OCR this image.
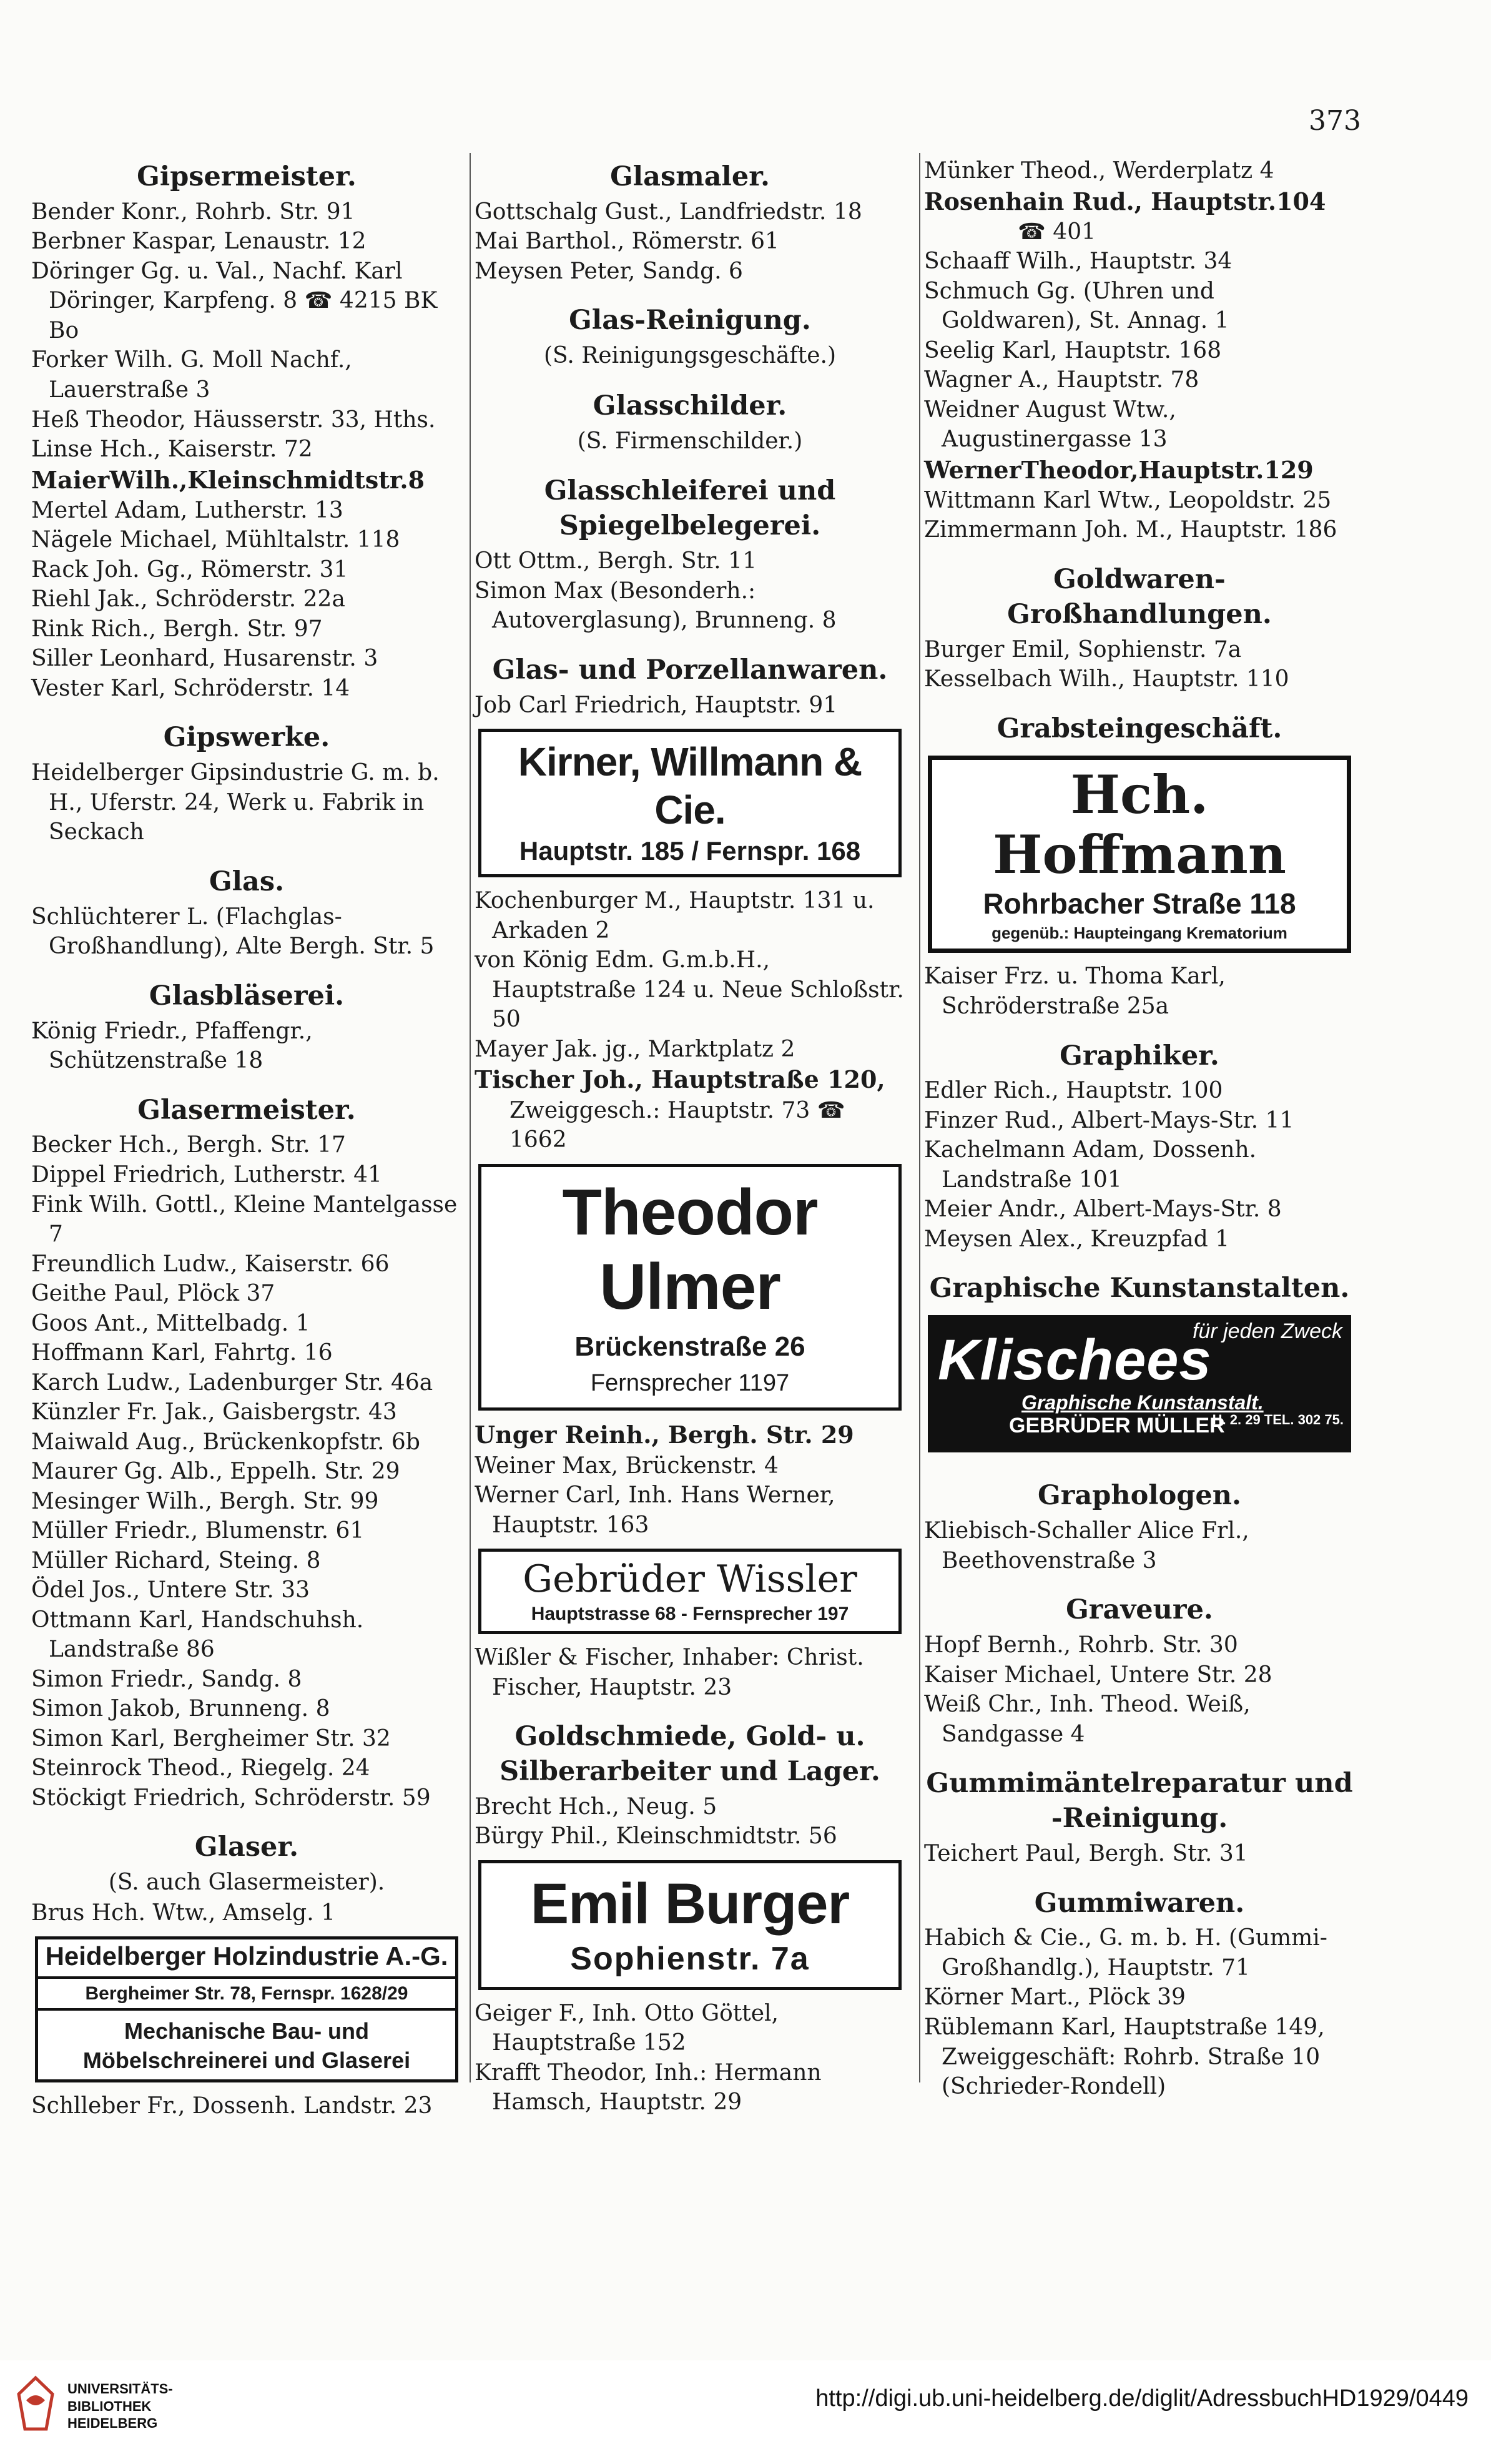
373
Gipsermeister.
Bender Konr., Rohrb. Str. 91
Berbner Kaspar, Lenaustr. 12
Döringer Gg. u. Val., Nachf. Karl Döringer, Karpfeng. 8 ☎ 4215 BK Bo
Forker Wilh. G. Moll Nachf., Lauerstraße 3
Heß Theodor, Häusserstr. 33, Hths.
Linse Hch., Kaiserstr. 72
MaierWilh.,Kleinschmidtstr.8
Mertel Adam, Lutherstr. 13
Nägele Michael, Mühltalstr. 118
Rack Joh. Gg., Römerstr. 31
Riehl Jak., Schröderstr. 22a
Rink Rich., Bergh. Str. 97
Siller Leonhard, Husarenstr. 3
Vester Karl, Schröderstr. 14
Gipswerke.
Heidelberger Gipsindustrie G. m. b. H., Uferstr. 24, Werk u. Fabrik in Seckach
Glas.
Schlüchterer L. (Flachglas-Großhandlung), Alte Bergh. Str. 5
Glasbläserei.
König Friedr., Pfaffengr., Schützenstraße 18
Glasermeister.
Becker Hch., Bergh. Str. 17
Dippel Friedrich, Lutherstr. 41
Fink Wilh. Gottl., Kleine Mantelgasse 7
Freundlich Ludw., Kaiserstr. 66
Geithe Paul, Plöck 37
Goos Ant., Mittelbadg. 1
Hoffmann Karl, Fahrtg. 16
Karch Ludw., Ladenburger Str. 46a
Künzler Fr. Jak., Gaisbergstr. 43
Maiwald Aug., Brückenkopfstr. 6b
Maurer Gg. Alb., Eppelh. Str. 29
Mesinger Wilh., Bergh. Str. 99
Müller Friedr., Blumenstr. 61
Müller Richard, Steing. 8
Ödel Jos., Untere Str. 33
Ottmann Karl, Handschuhsh. Landstraße 86
Simon Friedr., Sandg. 8
Simon Jakob, Brunneng. 8
Simon Karl, Bergheimer Str. 32
Steinrock Theod., Riegelg. 24
Stöckigt Friedrich, Schröderstr. 59
Glaser.
(S. auch Glasermeister).
Brus Hch. Wtw., Amselg. 1
Heidelberger Holzindustrie A.-G.
Bergheimer Str. 78, Fernspr. 1628/29
Mechanische Bau- und Möbelschreinerei und Glaserei
Schlleber Fr., Dossenh. Landstr. 23
Glasmaler.
Gottschalg Gust., Landfriedstr. 18
Mai Barthol., Römerstr. 61
Meysen Peter, Sandg. 6
Glas-Reinigung.
(S. Reinigungsgeschäfte.)
Glasschilder.
(S. Firmenschilder.)
Glasschleiferei und Spiegelbelegerei.
Ott Ottm., Bergh. Str. 11
Simon Max (Besonderh.: Autoverglasung), Brunneng. 8
Glas- und Porzellanwaren.
Job Carl Friedrich, Hauptstr. 91
Kirner, Willmann & Cie.
Hauptstr. 185 / Fernspr. 168
Kochenburger M., Hauptstr. 131 u. Arkaden 2
von König Edm. G.m.b.H., Hauptstraße 124 u. Neue Schloßstr. 50
Mayer Jak. jg., Marktplatz 2
Tischer Joh., Hauptstraße 120,
Zweiggesch.: Hauptstr. 73 ☎ 1662
Theodor Ulmer
Brückenstraße 26
Fernsprecher 1197
Unger Reinh., Bergh. Str. 29
Weiner Max, Brückenstr. 4
Werner Carl, Inh. Hans Werner, Hauptstr. 163
Gebrüder Wissler
Hauptstrasse 68 - Fernsprecher 197
Wißler & Fischer, Inhaber: Christ. Fischer, Hauptstr. 23
Goldschmiede, Gold- u. Silberarbeiter und Lager.
Brecht Hch., Neug. 5
Bürgy Phil., Kleinschmidtstr. 56
Emil Burger
Sophienstr. 7a
Geiger F., Inh. Otto Göttel, Hauptstraße 152
Krafft Theodor, Inh.: Hermann Hamsch, Hauptstr. 29
Münker Theod., Werderplatz 4
Rosenhain Rud., Hauptstr.104
☎ 401
Schaaff Wilh., Hauptstr. 34
Schmuch Gg. (Uhren und Goldwaren), St. Annag. 1
Seelig Karl, Hauptstr. 168
Wagner A., Hauptstr. 78
Weidner August Wtw., Augustinergasse 13
WernerTheodor,Hauptstr.129
Wittmann Karl Wtw., Leopoldstr. 25
Zimmermann Joh. M., Hauptstr. 186
Goldwaren-Großhandlungen.
Burger Emil, Sophienstr. 7a
Kesselbach Wilh., Hauptstr. 110
Grabsteingeschäft.
Hch. Hoffmann
Rohrbacher Straße 118
gegenüb.: Haupteingang Krematorium
Kaiser Frz. u. Thoma Karl, Schröderstraße 25a
Graphiker.
Edler Rich., Hauptstr. 100
Finzer Rud., Albert-Mays-Str. 11
Kachelmann Adam, Dossenh. Landstraße 101
Meier Andr., Albert-Mays-Str. 8
Meysen Alex., Kreuzpfad 1
Graphische Kunstanstalten.
Klischees
für jeden Zweck
Graphische Kunstanstalt.
GEBRÜDER MÜLLER
H. 2. 29 TEL. 302 75.
Graphologen.
Kliebisch-Schaller Alice Frl., Beethovenstraße 3
Graveure.
Hopf Bernh., Rohrb. Str. 30
Kaiser Michael, Untere Str. 28
Weiß Chr., Inh. Theod. Weiß, Sandgasse 4
Gummimäntelreparatur und -Reinigung.
Teichert Paul, Bergh. Str. 31
Gummiwaren.
Habich & Cie., G. m. b. H. (Gummi-Großhandlg.), Hauptstr. 71
Körner Mart., Plöck 39
Rüblemann Karl, Hauptstraße 149, Zweiggeschäft: Rohrb. Straße 10 (Schrieder-Rondell)
UNIVERSITÄTS- BIBLIOTHEK HEIDELBERG
http://digi.ub.uni-heidelberg.de/diglit/AdressbuchHD1929/0449
